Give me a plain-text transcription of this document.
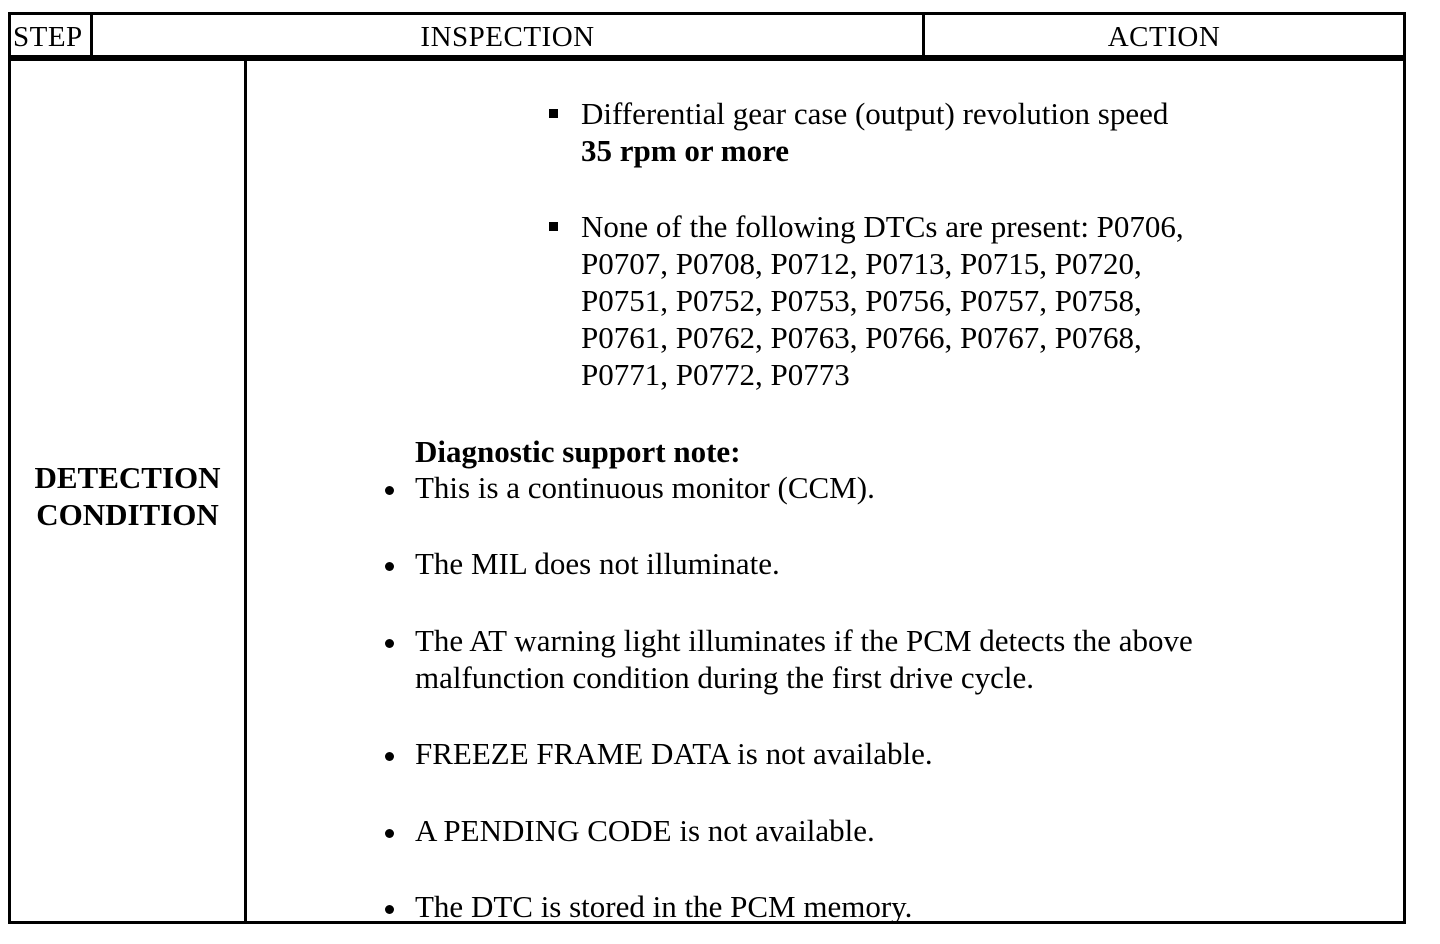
STEP	INSPECTION	ACTION
DETECTION
CONDITION
Differential gear case (output) revolution speed
35 rpm or more
None of the following DTCs are present: P0706,
P0707, P0708, P0712, P0713, P0715, P0720,
P0751, P0752, P0753, P0756, P0757, P0758,
P0761, P0762, P0763, P0766, P0767, P0768,
P0771, P0772, P0773
Diagnostic support note:
This is a continuous monitor (CCM).
The MIL does not illuminate.
The AT warning light illuminates if the PCM detects the above
malfunction condition during the first drive cycle.
FREEZE FRAME DATA is not available.
A PENDING CODE is not available.
The DTC is stored in the PCM memory.
